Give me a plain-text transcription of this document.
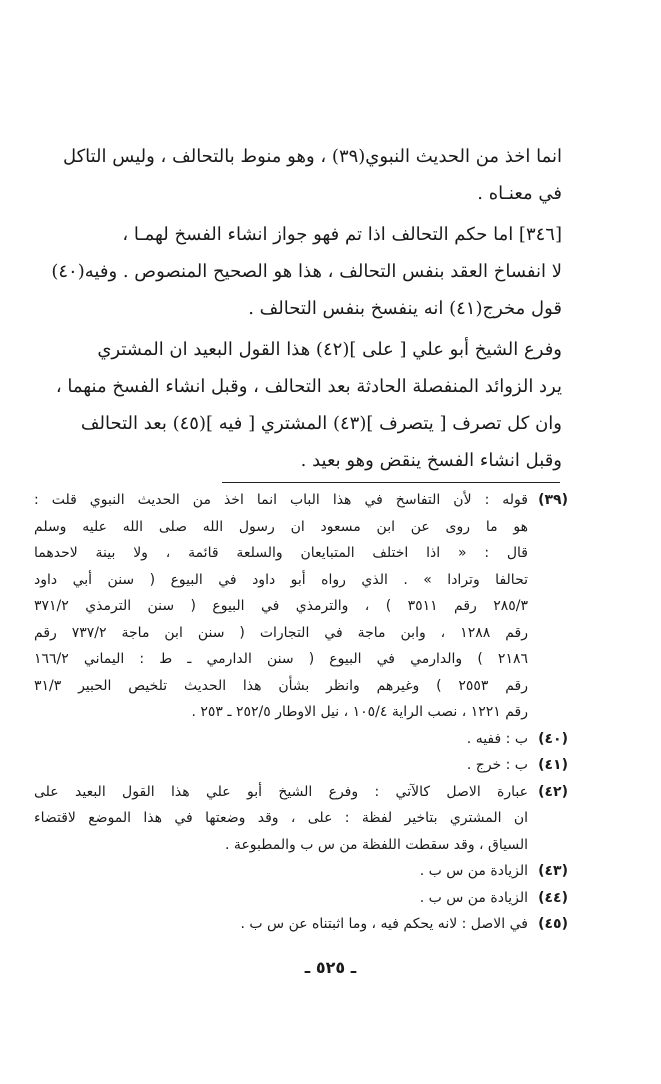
انما اخذ من الحديث النبوي(٣٩) ، وهو منوط بالتحالف ، وليس التاكل
في معنـاه .
[٣٤٦] اما حكم التحالف اذا تم فهو جواز انشاء الفسخ لهمـا ،
لا انفساخ العقد بنفس التحالف ، هذا هو الصحيح المنصوص . وفيه(٤٠)
قول مخرج(٤١) انه ينفسخ بنفس التحالف .
وفرع الشيخ أبو علي [ على ](٤٢) هذا القول البعيد ان المشتري
يرد الزوائد المنفصلة الحادثة بعد التحالف ، وقبل انشاء الفسخ منهما ،
وان كل تصرف [ يتصرف ](٤٣) المشتري [ فيه ](٤٥) بعد التحالف
وقبل انشاء الفسخ ينقض وهو بعيد .
(٣٩)قوله : لأن التفاسخ في هذا الباب انما اخذ من الحديث النبوي قلت :
هو ما روى عن ابن مسعود ان رسول الله صلى الله عليه وسلم
قال : « اذا اختلف المتبايعان والسلعة قائمة ، ولا بينة لاحدهما
تحالفا وترادا » . الذي رواه أبو داود في البيوع ( سنن أبي داود
٢٨٥/٣ رقم ٣٥١١ ) ، والترمذي في البيوع ( سنن الترمذي ٣٧١/٢
رقم ١٢٨٨ ، وابن ماجة في التجارات ( سنن ابن ماجة ٧٣٧/٢ رقم
٢١٨٦ ) والدارمي في البيوع ( سنن الدارمي ـ ط : اليماني ١٦٦/٢
رقم ٢٥٥٣ ) وغيرهم وانظر بشأن هذا الحديث تلخيص الحبير ٣١/٣
رقم ١٢٢١ ، نصب الراية ١٠٥/٤ ، نيل الاوطار ٢٥٢/٥ ـ ٢٥٣ .
(٤٠)ب : ففيه .
(٤١)ب : خرج .
(٤٢)عبارة الاصل كالآتي : وفرع الشيخ أبو علي هذا القول البعيد على
ان المشتري بتاخير لفظة : على ، وقد وضعتها في هذا الموضع لاقتضاء
السياق ، وقد سقطت اللفظة من س ب والمطبوعة .
(٤٣)الزيادة من س ب .
(٤٤)الزيادة من س ب .
(٤٥)في الاصل : لانه يحكم فيه ، وما اثبتناه عن س ب .
ـ ٥٢٥ ـ
